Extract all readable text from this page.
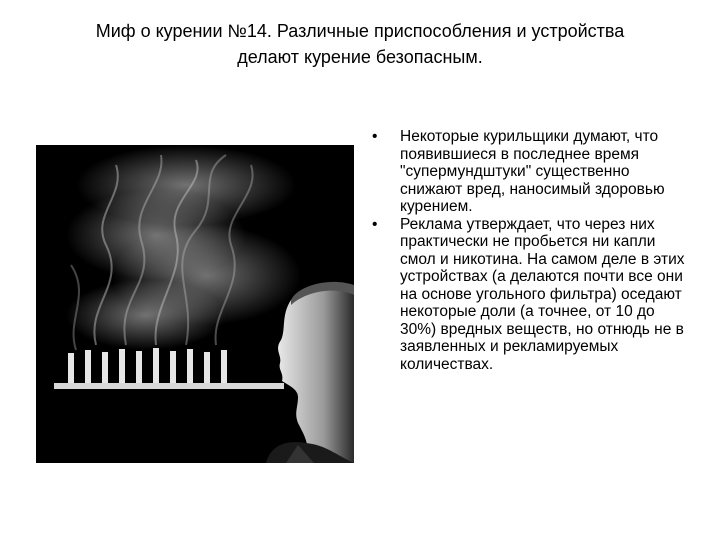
Миф о курении №14. Различные приспособления и устройства
делают курение безопасным.
• Некоторые курильщики думают, что появившиеся в последнее время "супермундштуки" существенно снижают вред, наносимый здоровью курением.
• Реклама утверждает, что через них практически не пробьется ни капли смол и никотина. На самом деле в этих устройствах (а делаются почти все они на основе угольного фильтра) оседают некоторые доли (а точнее, от 10 до 30%) вредных веществ, но отнюдь не в заявленных и рекламируемых количествах.
